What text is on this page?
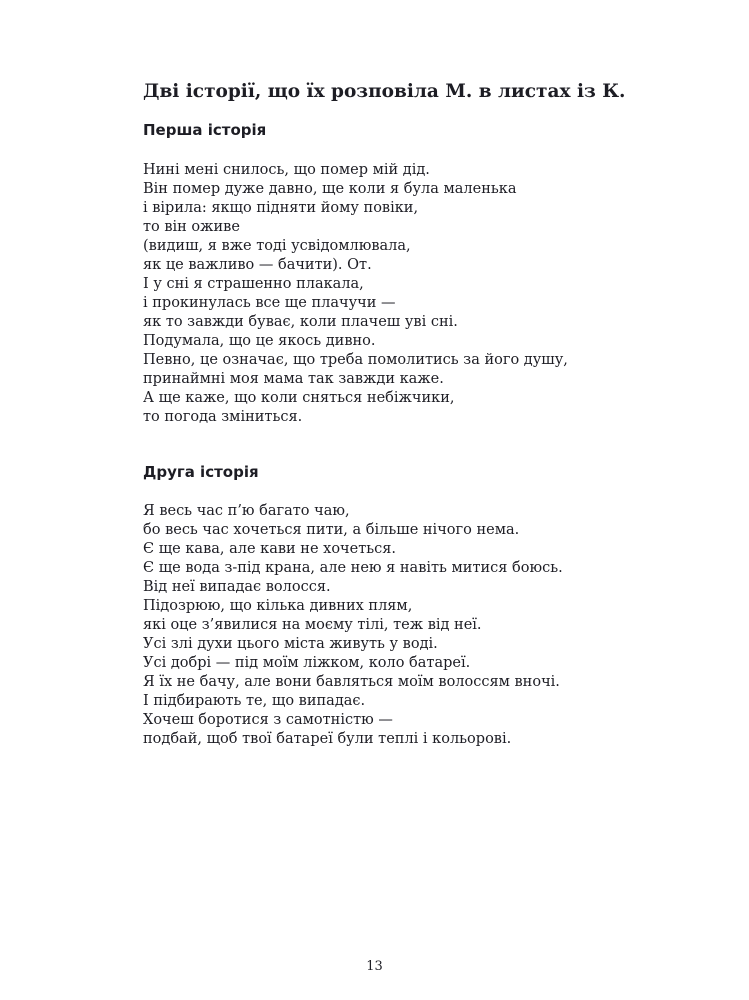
Дві історії, що їх розповіла М. в листах із К.
Перша історія
Нині мені снилось, що помер мій дід.
Він помер дуже давно, ще коли я була маленька
і вірила: якщо підняти йому повіки,
то він оживе
(видиш, я вже тоді усвідомлювала,
як це важливо — бачити). От.
І у сні я страшенно плакала,
і прокинулась все ще плачучи —
як то завжди буває, коли плачеш уві сні.
Подумала, що це якось дивно.
Певно, це означає, що треба помолитись за його душу,
принаймні моя мама так завжди каже.
А ще каже, що коли сняться небіжчики,
то погода зміниться.
Друга історія
Я весь час п’ю багато чаю,
бо весь час хочеться пити, а більше нічого нема.
Є ще кава, але кави не хочеться.
Є ще вода з-під крана, але нею я навіть митися боюсь.
Від неї випадає волосся.
Підозрюю, що кілька дивних плям,
які оце з’явилися на моєму тілі, теж від неї.
Усі злі духи цього міста живуть у воді.
Усі добрі — під моїм ліжком, коло батареї.
Я їх не бачу, але вони бавляться моїм волоссям вночі.
І підбирають те, що випадає.
Хочеш боротися з самотністю —
подбай, щоб твої батареї були теплі і кольорові.
13
